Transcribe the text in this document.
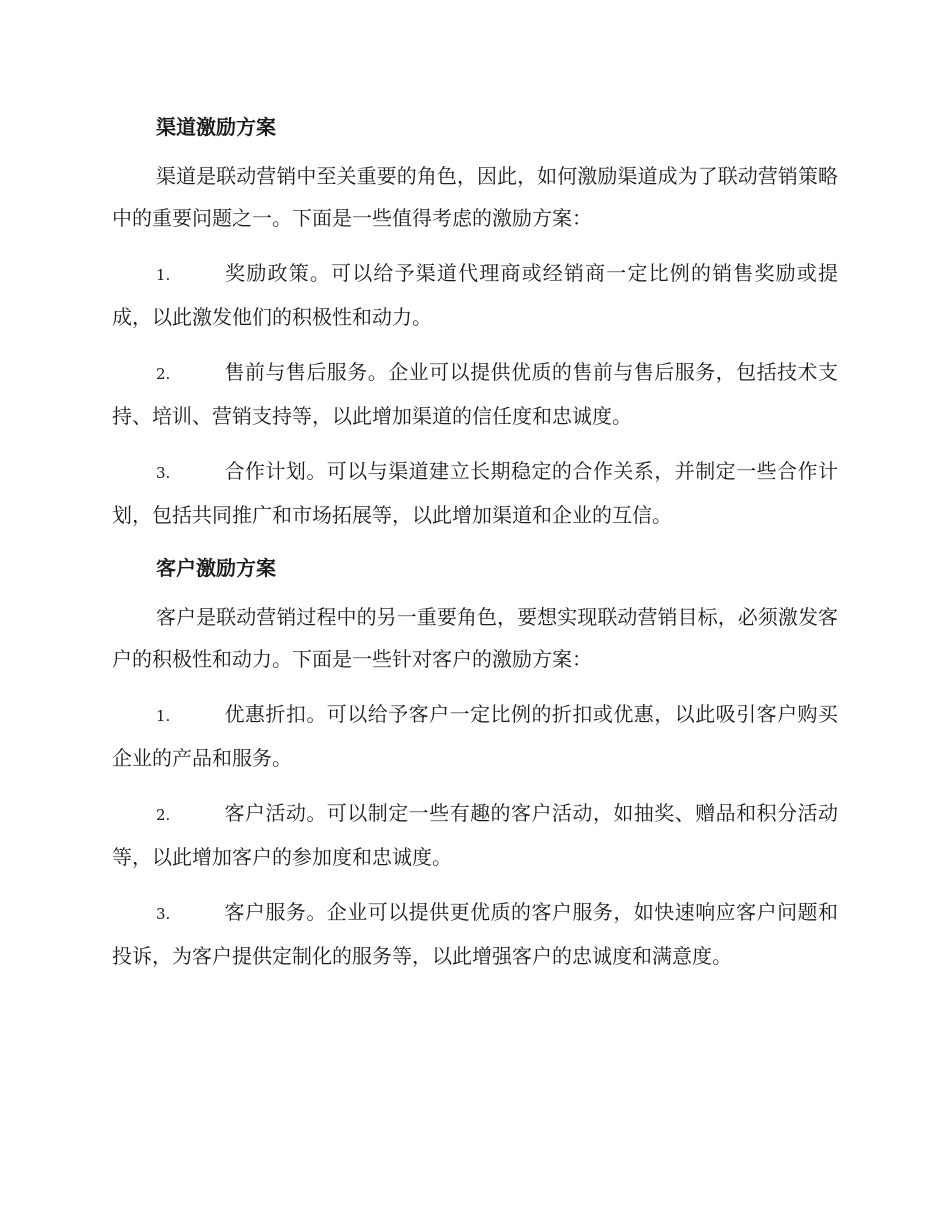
渠道激励方案

渠道是联动营销中至关重要的角色，因此，如何激励渠道成为了联动营销策略中的重要问题之一。下面是一些值得考虑的激励方案：

1.	奖励政策。可以给予渠道代理商或经销商一定比例的销售奖励或提成，以此激发他们的积极性和动力。

2.	售前与售后服务。企业可以提供优质的售前与售后服务，包括技术支持、培训、营销支持等，以此增加渠道的信任度和忠诚度。

3.	合作计划。可以与渠道建立长期稳定的合作关系，并制定一些合作计划，包括共同推广和市场拓展等，以此增加渠道和企业的互信。

客户激励方案

客户是联动营销过程中的另一重要角色，要想实现联动营销目标，必须激发客户的积极性和动力。下面是一些针对客户的激励方案：

1.	优惠折扣。可以给予客户一定比例的折扣或优惠，以此吸引客户购买企业的产品和服务。

2.	客户活动。可以制定一些有趣的客户活动，如抽奖、赠品和积分活动等，以此增加客户的参加度和忠诚度。

3.	客户服务。企业可以提供更优质的客户服务，如快速响应客户问题和投诉，为客户提供定制化的服务等，以此增强客户的忠诚度和满意度。
